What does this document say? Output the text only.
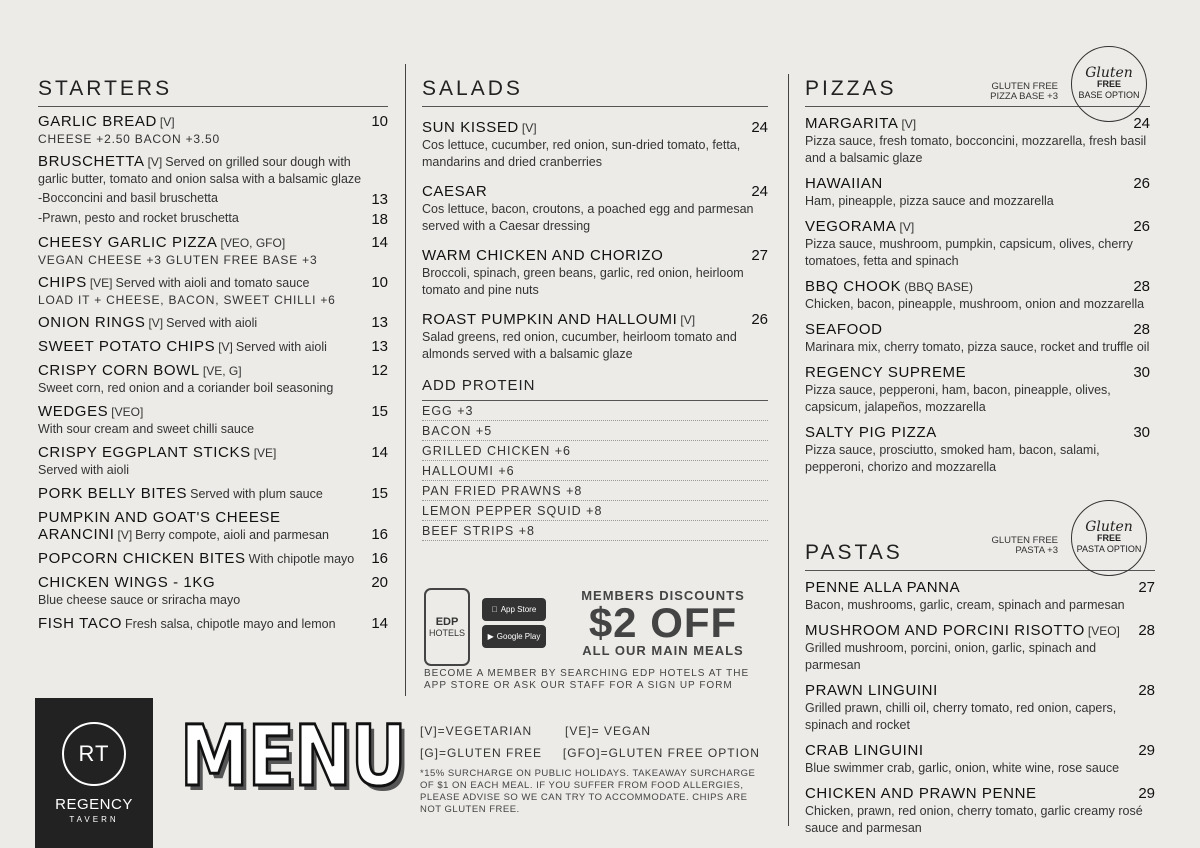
STARTERS
GARLIC BREAD [V]	10
CHEESE +2.50 BACON +3.50
BRUSCHETTA [V] Served on grilled sour dough with
garlic butter, tomato and onion salsa with a balsamic glaze
-Bocconcini and basil bruschetta	13
-Prawn, pesto and rocket bruschetta	18
CHEESY GARLIC PIZZA [VEO, GFO]	14
VEGAN CHEESE +3 GLUTEN FREE BASE +3
CHIPS [VE] Served with aioli and tomato sauce	10
LOAD IT + CHEESE, BACON, SWEET CHILLI +6
ONION RINGS [V] Served with aioli	13
SWEET POTATO CHIPS [V] Served with aioli	13
CRISPY CORN BOWL [VE, G]	12
Sweet corn, red onion and a coriander boil seasoning
WEDGES [VEO]	15
With sour cream and sweet chilli sauce
CRISPY EGGPLANT STICKS [VE]	14
Served with aioli
PORK BELLY BITES Served with plum sauce	15
PUMPKIN AND GOAT'S CHEESE
ARANCINI [V] Berry compote, aioli and parmesan	16
POPCORN CHICKEN BITES With chipotle mayo	16
CHICKEN WINGS - 1KG	20
Blue cheese sauce or sriracha mayo
FISH TACO Fresh salsa, chipotle mayo and lemon	14
SALADS
SUN KISSED [V]	24
Cos lettuce, cucumber, red onion, sun-dried tomato, fetta, mandarins and dried cranberries
CAESAR	24
Cos lettuce, bacon, croutons, a poached egg and parmesan served with a Caesar dressing
WARM CHICKEN AND CHORIZO	27
Broccoli, spinach, green beans, garlic, red onion, heirloom tomato and pine nuts
ROAST PUMPKIN AND HALLOUMI [V]	26
Salad greens, red onion, cucumber, heirloom tomato and almonds served with a balsamic glaze
ADD PROTEIN
EGG +3
BACON +5
GRILLED CHICKEN +6
HALLOUMI +6
PAN FRIED PRAWNS +8
LEMON PEPPER SQUID +8
BEEF STRIPS +8
EDP
HOTELS
App Store
▶ Google Play
MEMBERS DISCOUNTS
$2 OFF
ALL OUR MAIN MEALS
BECOME A MEMBER BY SEARCHING EDP HOTELS AT THE APP STORE OR ASK OUR STAFF FOR A SIGN UP FORM
PIZZAS	GLUTEN FREE PIZZA BASE +3
Gluten
FREE
BASE OPTION
MARGARITA [V]	24
Pizza sauce, fresh tomato, bocconcini, mozzarella, fresh basil and a balsamic glaze
HAWAIIAN	26
Ham, pineapple, pizza sauce and mozzarella
VEGORAMA [V]	26
Pizza sauce, mushroom, pumpkin, capsicum, olives, cherry tomatoes, fetta and spinach
BBQ CHOOK (BBQ BASE)	28
Chicken, bacon, pineapple, mushroom, onion and mozzarella
SEAFOOD	28
Marinara mix, cherry tomato, pizza sauce, rocket and truffle oil
REGENCY SUPREME	30
Pizza sauce, pepperoni, ham, bacon, pineapple, olives, capsicum, jalapeños, mozzarella
SALTY PIG PIZZA	30
Pizza sauce, prosciutto, smoked ham, bacon, salami, pepperoni, chorizo and mozzarella
PASTAS
GLUTEN FREE PASTA +3
Gluten
FREE
PASTA OPTION
PENNE ALLA PANNA	27
Bacon, mushrooms, garlic, cream, spinach and parmesan
MUSHROOM AND PORCINI RISOTTO [VEO]	28
Grilled mushroom, porcini, onion, garlic, spinach and parmesan
PRAWN LINGUINI	28
Grilled prawn, chilli oil, cherry tomato, red onion, capers, spinach and rocket
CRAB LINGUINI	29
Blue swimmer crab, garlic, onion, white wine, rose sauce
CHICKEN AND PRAWN PENNE	29
Chicken, prawn, red onion, cherry tomato, garlic creamy rosé sauce and parmesan
RT
REGENCY
TAVERN
MENU [V]=VEGETARIAN	[VE]= VEGAN
[G]=GLUTEN FREE	[GFO]=GLUTEN FREE OPTION
*15% SURCHARGE ON PUBLIC HOLIDAYS. TAKEAWAY SURCHARGE OF $1 ON EACH MEAL. IF YOU SUFFER FROM FOOD ALLERGIES, PLEASE ADVISE SO WE CAN TRY TO ACCOMMODATE. CHIPS ARE NOT GLUTEN FREE.
